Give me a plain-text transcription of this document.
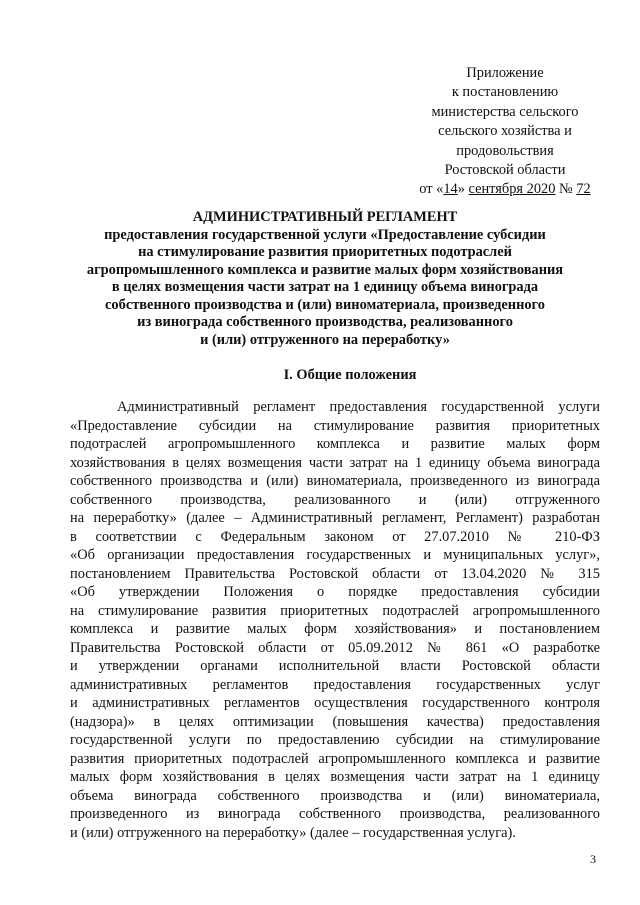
Приложение
к постановлению
министерства сельского
сельского хозяйства и
продовольствия
Ростовской области
от «14» сентября 2020 № 72
АДМИНИСТРАТИВНЫЙ РЕГЛАМЕНТ
предоставления государственной услуги «Предоставление субсидии
на стимулирование развития приоритетных подотраслей
агропромышленного комплекса и развитие малых форм хозяйствования
в целях возмещения части затрат на 1 единицу объема винограда
собственного производства и (или) виноматериала, произведенного
из винограда собственного производства, реализованного
и (или) отгруженного на переработку»
I. Общие положения
Административный регламент предоставления государственной услуги
«Предоставление субсидии на стимулирование развития приоритетных
подотраслей агропромышленного комплекса и развитие малых форм
хозяйствования в целях возмещения части затрат на 1 единицу объема винограда
собственного производства и (или) виноматериала, произведенного из винограда
собственного производства, реализованного и (или) отгруженного
на переработку» (далее – Административный регламент, Регламент) разработан
в соответствии с Федеральным законом от 27.07.2010 № 210-ФЗ
«Об организации предоставления государственных и муниципальных услуг»,
постановлением Правительства Ростовской области от 13.04.2020 № 315
«Об утверждении Положения о порядке предоставления субсидии
на стимулирование развития приоритетных подотраслей агропромышленного
комплекса и развитие малых форм хозяйствования» и постановлением
Правительства Ростовской области от 05.09.2012 № 861 «О разработке
и утверждении органами исполнительной власти Ростовской области
административных регламентов предоставления государственных услуг
и административных регламентов осуществления государственного контроля
(надзора)» в целях оптимизации (повышения качества) предоставления
государственной услуги по предоставлению субсидии на стимулирование
развития приоритетных подотраслей агропромышленного комплекса и развитие
малых форм хозяйствования в целях возмещения части затрат на 1 единицу
объема винограда собственного производства и (или) виноматериала,
произведенного из винограда собственного производства, реализованного
и (или) отгруженного на переработку» (далее – государственная услуга).
3
